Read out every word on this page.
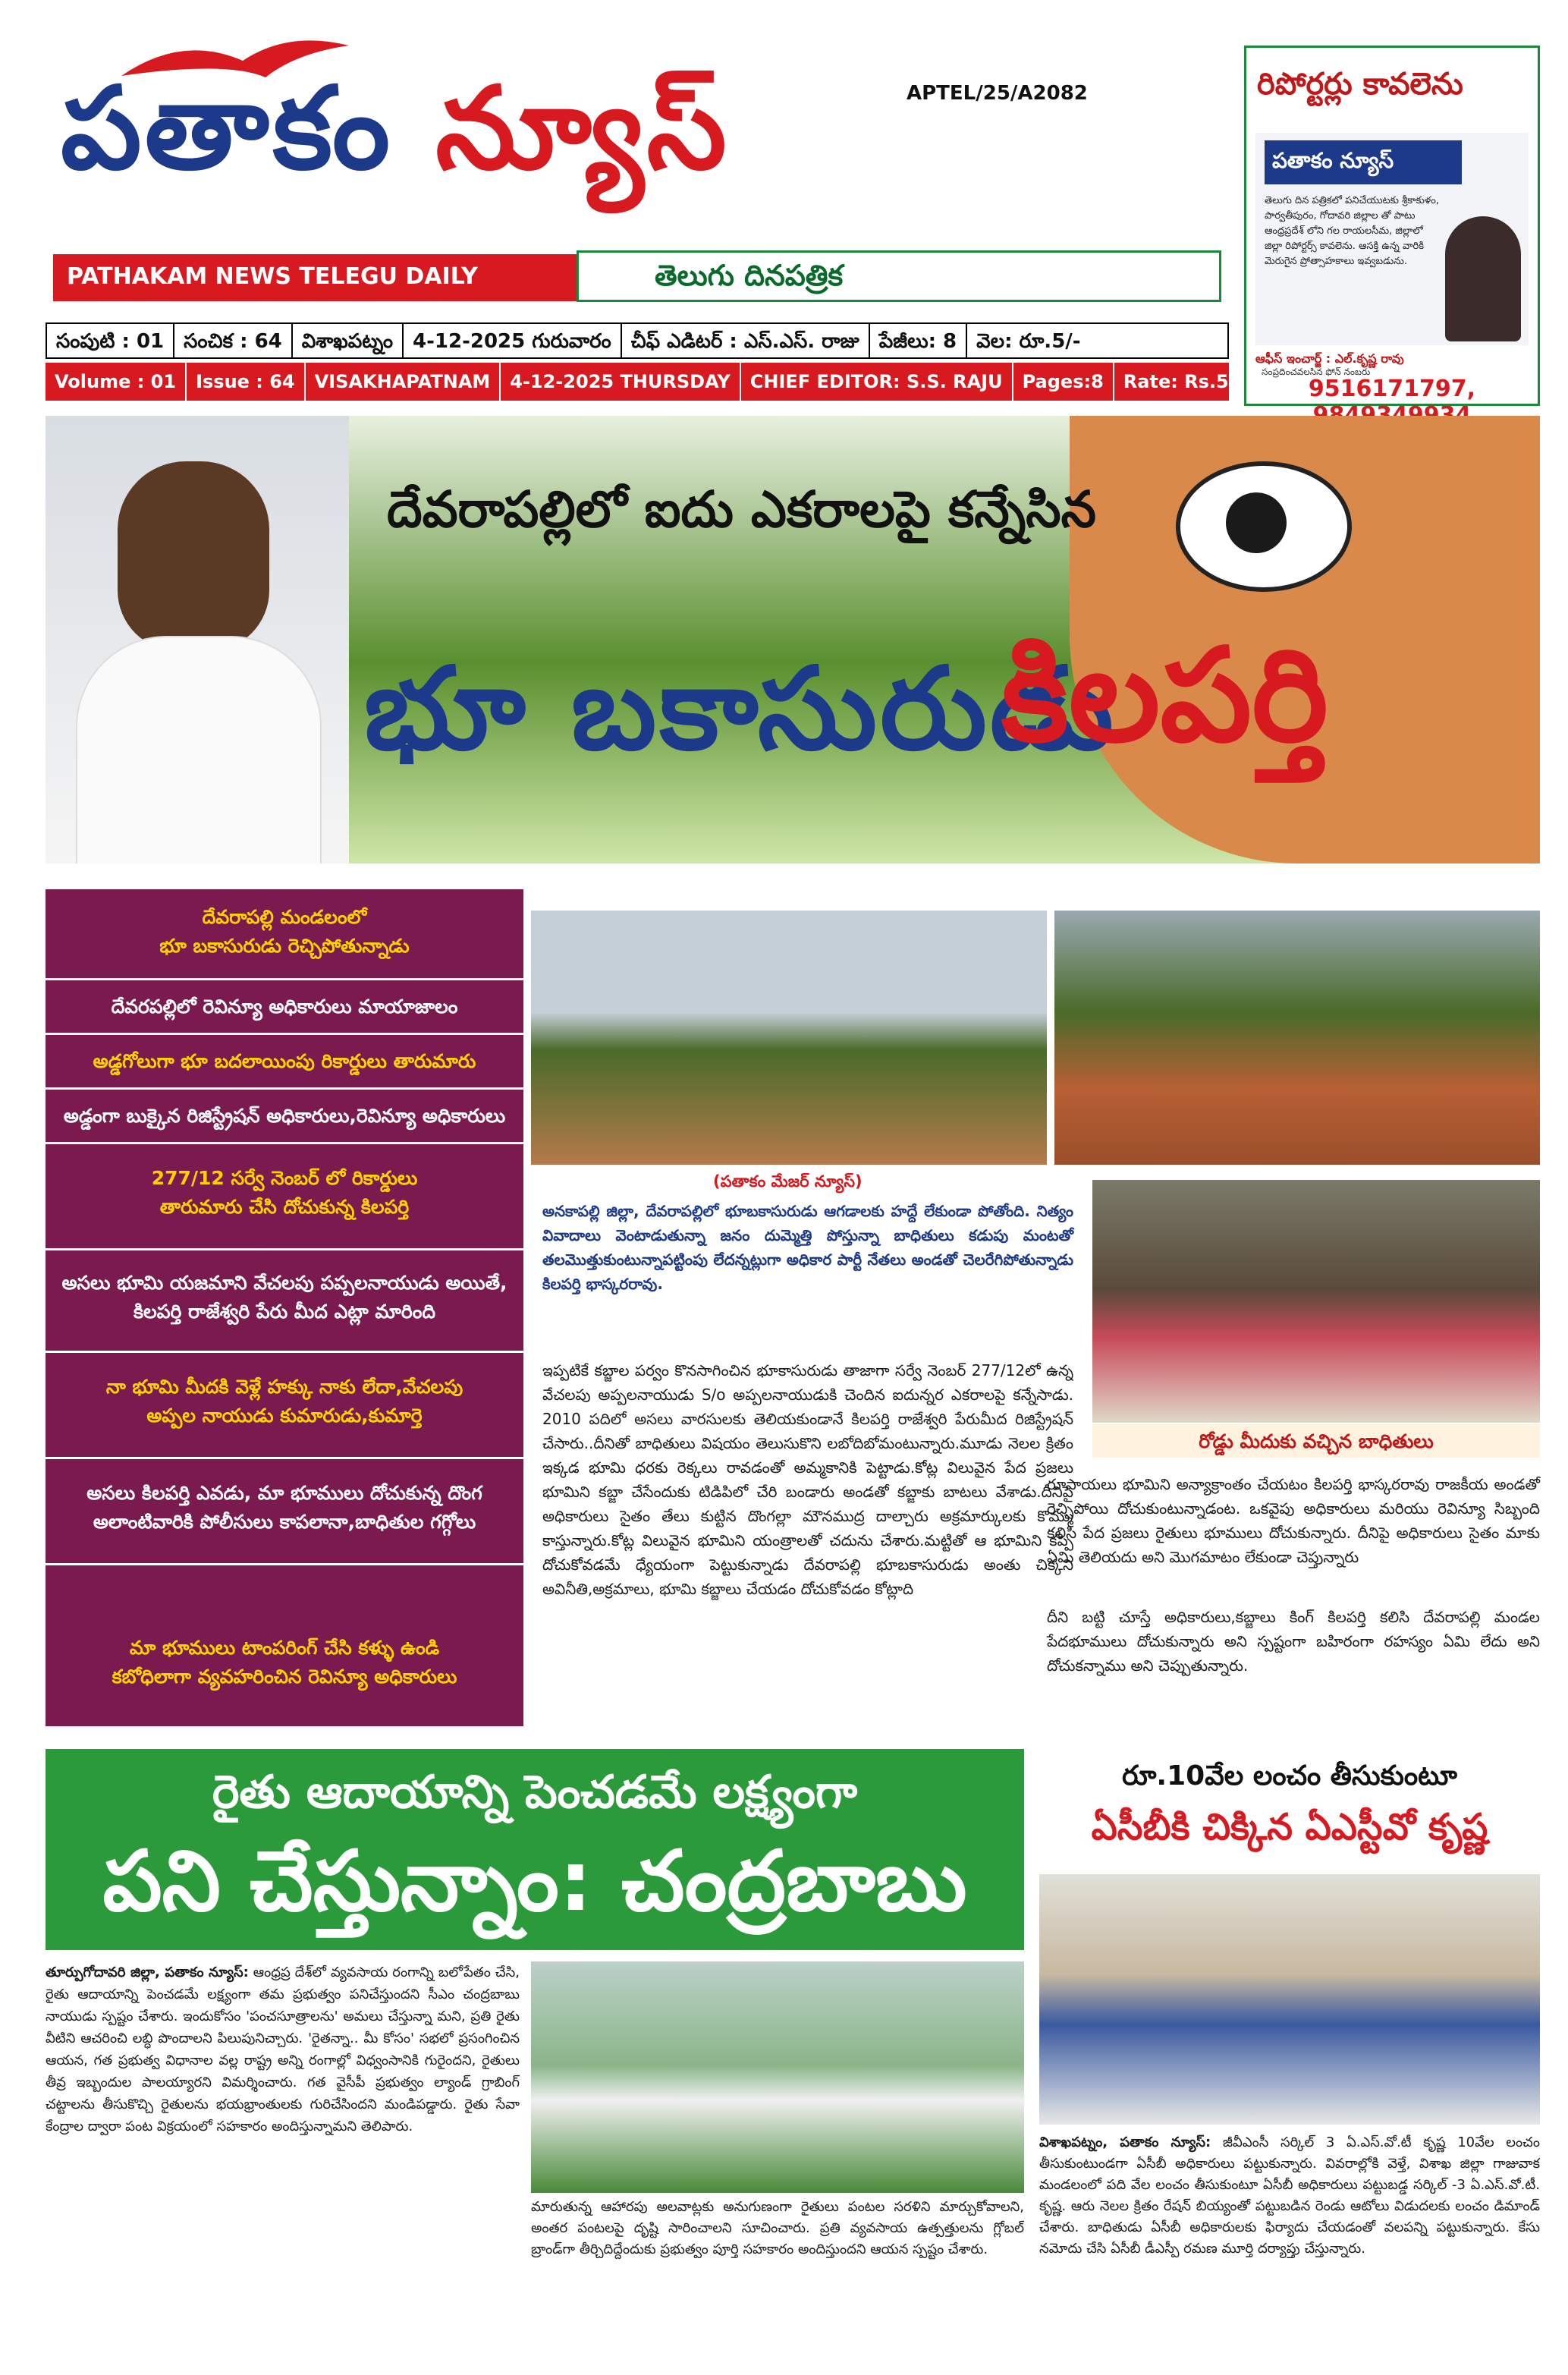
పతాకం న్యూస్	APTEL/25/A2082
PATHAKAM NEWS TELEGU DAILY	తెలుగు దినపత్రిక
సంపుటి : 01	సంచిక : 64	విశాఖపట్నం	4-12-2025 గురువారం	చీఫ్ ఎడిటర్ : ఎస్.ఎస్. రాజు	పేజీలు: 8	వెల: రూ.5/-
Volume : 01	Issue : 64	VISAKHAPATNAM	4-12-2025 THURSDAY	CHIEF EDITOR: S.S. RAJU	Pages:8	Rate: Rs.5/-
రిపోర్టర్లు కావలెను
పతాకం న్యూస్
తెలుగు దిన పత్రికలో పనిచేయుటకు శ్రీకాకుళం, పార్వతీపురం, గోదావరి జిల్లాల తో పాటు ఆంధ్రప్రదేశ్ లోని గల రాయలసీమ, జిల్లాలో జిల్లా రిపోర్టర్స్ కావలెను. ఆసక్తి ఉన్న వారికి మెరుగైన ప్రోత్సాహకాలు ఇవ్వబడును.
ఆఫీస్ ఇంచార్జ్ : ఎల్.కృష్ణ రావు
సంప్రదించవలసిన ఫోన్ నంబరు
9516171797,
దేవరాపల్లిలో ఐదు ఎకరాలపై కన్నేసిన
భూ బకాసురుడు
కిలపర్తి
దేవరాపల్లి మండలంలో
భూ బకాసురుడు రెచ్చిపోతున్నాడు
దేవరపల్లిలో రెవిన్యూ అధికారులు మాయాజాలం
అడ్డగోలుగా భూ బదలాయింపు రికార్డులు తారుమారు
అడ్డంగా బుక్కైన రిజిస్ట్రేషన్ అధికారులు,రెవిన్యూ అధికారులు
277/12 సర్వే నెంబర్ లో రికార్డులు
తారుమారు చేసి దోచుకున్న కిలపర్తి
అసలు భూమి యజమాని వేచలపు పప్పలనాయుడు అయితే,
కిలపర్తి రాజేశ్వరి పేరు మీద ఎట్లా మారింది
నా భూమి మీదకి వెళ్లే హక్కు నాకు లేదా,వేచలపు
అప్పల నాయుడు కుమారుడు,కుమార్తె
అసలు కిలపర్తి ఎవడు, మా భూములు దోచుకున్న దొంగ
అలాంటివారికి పోలీసులు కాపలానా,బాధితుల గగ్గోలు
మా భూములు టాంపరింగ్ చేసి కళ్ళు ఉండి
కబోధిలాగా వ్యవహరించిన రెవిన్యూ అధికారులు
(పతాకం మేజర్ న్యూస్)
అనకాపల్లి జిల్లా, దేవరాపల్లిలో భూబకాసురుడు ఆగడాలకు హద్దే లేకుండా పోతోంది. నిత్యం వివాదాలు వెంటాడుతున్నా జనం దుమ్మెత్తి పోస్తున్నా బాధితులు కడుపు మంటతో తలమొత్తుకుంటున్నాపట్టింపు లేదన్నట్లుగా అధికార పార్టీ నేతలు అండతో చెలరేగిపోతున్నాడు కిలపర్తి భాస్కరరావు.
ఇప్పటికే కబ్జాల పర్వం కొనసాగించిన భూకాసురుడు తాజాగా సర్వే నెంబర్ 277/12లో ఉన్న వేచలపు అప్పలనాయుడు S/o అప్పలనాయుడుకి చెందిన ఐదున్నర ఎకరాలపై కన్నేసాడు. 2010 పదిలో అసలు వారసులకు తెలియకుండానే కిలపర్తి రాజేశ్వరి పేరుమీద రిజిస్ట్రేషన్ చేసారు..దీనితో బాధితులు విషయం తెలుసుకొని లబోదిబోమంటున్నారు.మూడు నెలల క్రితం ఇక్కడ భూమి ధరకు రెక్కలు రావడంతో అమ్మకానికి పెట్టాడు.కోట్ల విలువైన పేద ప్రజలు భూమిని కబ్జా చేసేందుకు టిడిపిలో చేరి బండారు అండతో కబ్జాకు బాటలు వేశాడు.దీనిపై అధికారులు సైతం తేలు కుట్టిన దొంగల్లా మౌనముద్ర దాల్చారు అక్రమార్కులకు కొమ్ము కాస్తున్నారు.కోట్ల విలువైన భూమిని యంత్రాలతో చదును చేశారు.మట్టితో ఆ భూమిని కప్పి దోచుకోవడమే ధ్యేయంగా పెట్టుకున్నాడు దేవరాపల్లి భూబకాసురుడు అంతు చిక్కని అవినీతి,అక్రమాలు, భూమి కబ్జాలు చేయడం దోచుకోవడం కోట్లాది
రోడ్డు మీదుకు వచ్చిన బాధితులు
రూపాయలు భూమిని అన్యాక్రాంతం చేయటం కిలపర్తి భాస్కరరావు రాజకీయ అండతో రెచ్చిపోయి దోచుకుంటున్నాడంట. ఒకవైపు అధికారులు మరియు రెవిన్యూ సిబ్బంది కలిసి పేద ప్రజలు రైతులు భూములు దోచుకున్నారు. దీనిపై అధికారులు సైతం మాకు ఏమి తెలియదు అని మొగమాటం లేకుండా చెప్తున్నారు
దీని బట్టి చూస్తే అధికారులు,కబ్జాలు కింగ్ కిలపర్తి కలిసి దేవరాపల్లి మండల పేదభూములు దోచుకున్నారు అని స్పష్టంగా బహిరంగా రహస్యం ఏమి లేదు అని దోచుకన్నాము అని చెప్పుతున్నారు.
రైతు ఆదాయాన్ని పెంచడమే లక్ష్యంగా
పని చేస్తున్నాం: చంద్రబాబు
తూర్పుగోదావరి జిల్లా, పతాకం న్యూస్: ఆంధ్రప్ర దేశ్‌లో వ్యవసాయ రంగాన్ని బలోపేతం చేసి, రైతు ఆదాయాన్ని పెంచడమే లక్ష్యంగా తమ ప్రభుత్వం పనిచేస్తుందని సీఎం చంద్రబాబు నాయుడు స్పష్టం చేశారు. ఇందుకోసం 'పంచసూత్రాలను' అమలు చేస్తున్నా మని, ప్రతి రైతు వీటిని ఆచరించి లబ్ధి పొందాలని పిలుపునిచ్చారు. 'రైతన్నా.. మీ కోసం' సభలో ప్రసంగించిన ఆయన, గత ప్రభుత్వ విధానాల వల్ల రాష్ట్ర అన్ని రంగాల్లో విధ్వంసానికి గురైందని, రైతులు తీవ్ర ఇబ్బందుల పాలయ్యారని విమర్శించారు. గత వైసీపీ ప్రభుత్వం ల్యాండ్ గ్రాబింగ్ చట్టాలను తీసుకొచ్చి రైతులను భయభ్రాంతులకు గురిచేసిందని మండిపడ్డారు. రైతు సేవా కేంద్రాల ద్వారా పంట విక్రయంలో సహకారం అందిస్తున్నామని తెలిపారు.
మారుతున్న ఆహారపు అలవాట్లకు అనుగుణంగా రైతులు పంటల సరళిని మార్చుకోవాలని, అంతర పంటలపై దృష్టి సారించాలని సూచించారు. ప్రతి వ్యవసాయ ఉత్పత్తులను గ్లోబల్ బ్రాండ్‌గా తీర్చిదిద్దేందుకు ప్రభుత్వం పూర్తి సహకారం అందిస్తుందని ఆయన స్పష్టం చేశారు.
రూ.10వేల లంచం తీసుకుంటూ
ఏసీబీకి చిక్కిన ఏఎస్టీవో కృష్ణ
విశాఖపట్నం, పతాకం న్యూస్: జీవీఎంసీ సర్కిల్ 3 ఏ.ఎస్.వో.టీ కృష్ణ 10వేల లంచం తీసుకుంటుండగా ఏసీబీ అధికారులు పట్టుకున్నారు. వివరాల్లోకి వెళ్తే, విశాఖ జిల్లా గాజువాక మండలంలో పది వేల లంచం తీసుకుంటూ ఏసీబీ అధికారులు పట్టుబడ్డ సర్కిల్ -3 ఏ.ఎస్.వో.టీ. కృష్ణ. ఆరు నెలల క్రితం రేషన్ బియ్యంతో పట్టుబడిన రెండు ఆటోలు విడుదలకు లంచం డిమాండ్ చేశారు. బాధితుడు ఏసీబీ అధికారులకు ఫిర్యాదు చేయడంతో వలపన్ని పట్టుకున్నారు. కేసు నమోదు చేసి ఏసీబీ డీఎస్పీ రమణ మూర్తి దర్యాప్తు చేస్తున్నారు.
